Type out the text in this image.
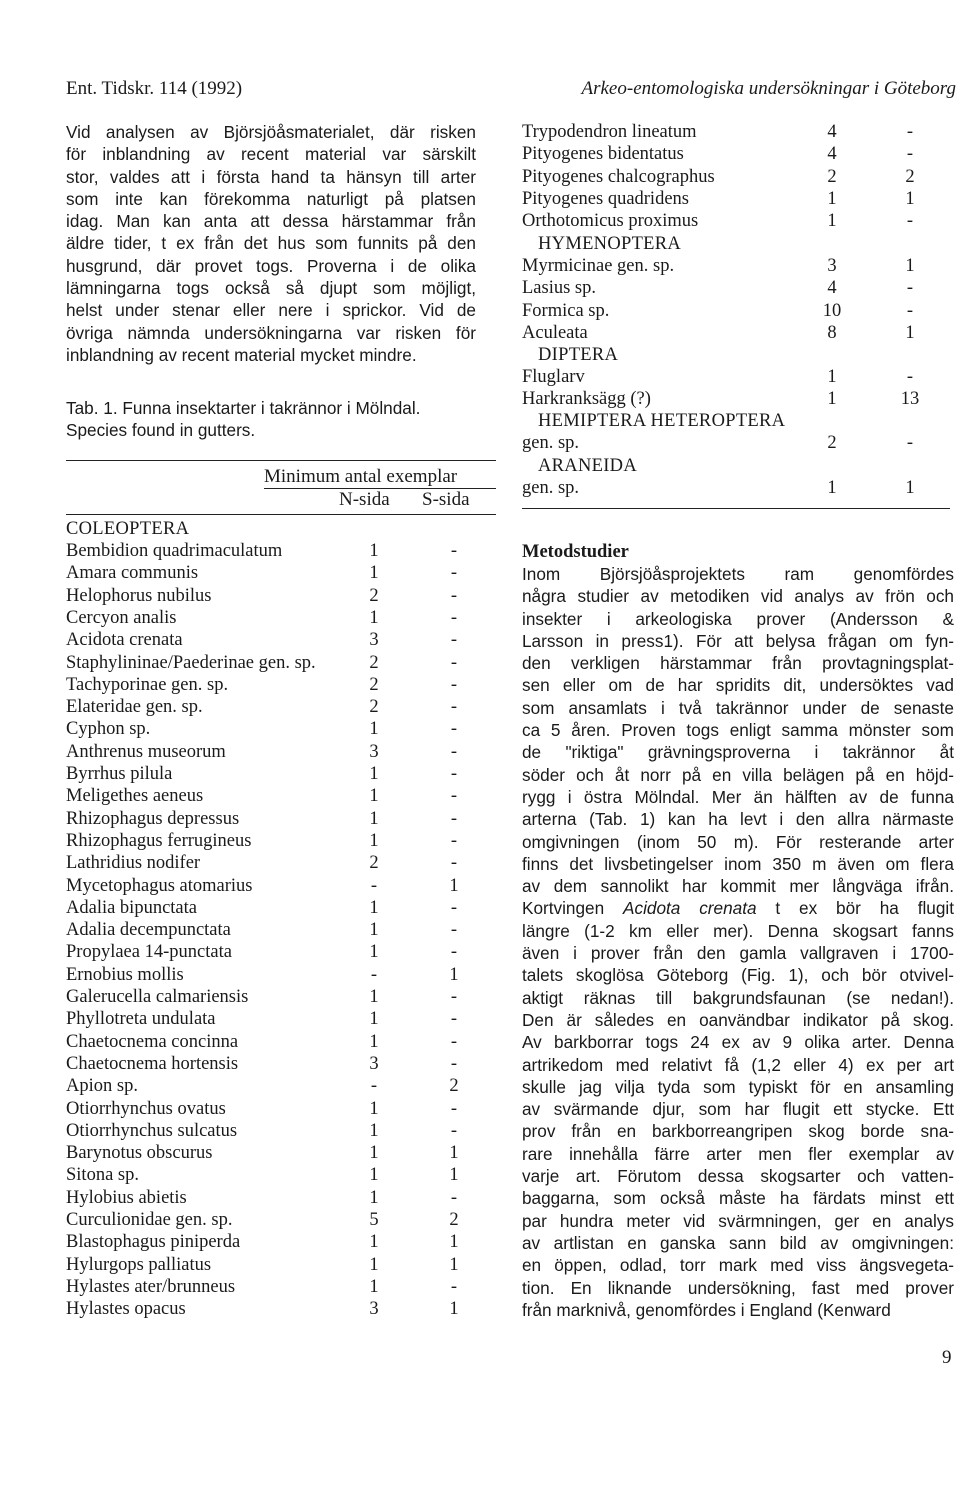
Ent. Tidskr. 114 (1992)	Arkeo-entomologiska undersökningar i Göteborg
Vid analysen av Björsjöåsmaterialet, där risken
för inblandning av recent material var särskilt
stor, valdes att i första hand ta hänsyn till arter
som inte kan förekomma naturligt på platsen
idag. Man kan anta att dessa härstammar från
äldre tider, t ex från det hus som funnits på den
husgrund, där provet togs. Proverna i de olika
lämningarna togs också så djupt som möjligt,
helst under stenar eller nere i sprickor. Vid de
övriga nämnda undersökningarna var risken för
inblandning av recent material mycket mindre.
Tab. 1. Funna insektarter i takrännor i Mölndal.
Species found in gutters.
Minimum antal exemplar
N-sida S-sida
COLEOPTERA
Bembidion quadrimaculatum	1	-
Amara communis	1	-
Helophorus nubilus	2	-
Cercyon analis	1	-
Acidota crenata	3	-
Staphylininae/Paederinae gen. sp.	2	-
Tachyporinae gen. sp.	2	-
Elateridae gen. sp.	2	-
Cyphon sp.	1	-
Anthrenus museorum	3	-
Byrrhus pilula	1	-
Meligethes aeneus	1	-
Rhizophagus depressus	1	-
Rhizophagus ferrugineus	1	-
Lathridius nodifer	2	-
Mycetophagus atomarius	-	1
Adalia bipunctata	1	-
Adalia decempunctata	1	-
Propylaea 14-punctata	1	-
Ernobius mollis	-	1
Galerucella calmariensis	1	-
Phyllotreta undulata	1	-
Chaetocnema concinna	1	-
Chaetocnema hortensis	3	-
Apion sp.	-	2
Otiorrhynchus ovatus	1	-
Otiorrhynchus sulcatus	1	-
Barynotus obscurus	1	1
Sitona sp.	1	1
Hylobius abietis	1	-
Curculionidae gen. sp.	5	2
Blastophagus piniperda	1	1
Hylurgops palliatus	1	1
Hylastes ater/brunneus	1	-
Hylastes opacus	3	1
Trypodendron lineatum	4	-
Pityogenes bidentatus	4	-
Pityogenes chalcographus	2	2
Pityogenes quadridens	1	1
Orthotomicus proximus	1	-
HYMENOPTERA
Myrmicinae gen. sp.	3	1
Lasius sp.	4	-
Formica sp.	10	-
Aculeata	8	1
DIPTERA
Fluglarv	1	-
Harkranksägg (?)	1	13
HEMIPTERA HETEROPTERA
gen. sp.	2	-
ARANEIDA
gen. sp.	1	1
Metodstudier
Inom Björsjöåsprojektets ram genomfördes
några studier av metodiken vid analys av frön och
insekter i arkeologiska prover (Andersson &
Larsson in press1). För att belysa frågan om fyn-
den verkligen härstammar från provtagningsplat-
sen eller om de har spridits dit, undersöktes vad
som ansamlats i två takrännor under de senaste
ca 5 åren. Proven togs enligt samma mönster som
de "riktiga" grävningsproverna i takrännor åt
söder och åt norr på en villa belägen på en höjd-
rygg i östra Mölndal. Mer än hälften av de funna
arterna (Tab. 1) kan ha levt i den allra närmaste
omgivningen (inom 50 m). För resterande arter
finns det livsbetingelser inom 350 m även om flera
av dem sannolikt har kommit mer långväga ifrån.
Kortvingen Acidota crenata t ex bör ha flugit
längre (1-2 km eller mer). Denna skogsart fanns
även i prover från den gamla vallgraven i 1700-
talets skoglösa Göteborg (Fig. 1), och bör otvivel-
aktigt räknas till bakgrundsfaunan (se nedan!).
Den är således en oanvändbar indikator på skog.
Av barkborrar togs 24 ex av 9 olika arter. Denna
artrikedom med relativt få (1,2 eller 4) ex per art
skulle jag vilja tyda som typiskt för en ansamling
av svärmande djur, som har flugit ett stycke. Ett
prov från en barkborreangripen skog borde sna-
rare innehålla färre arter men fler exemplar av
varje art. Förutom dessa skogsarter och vatten-
baggarna, som också måste ha färdats minst ett
par hundra meter vid svärmningen, ger en analys
av artlistan en ganska sann bild av omgivningen:
en öppen, odlad, torr mark med viss ängsvegeta-
tion. En liknande undersökning, fast med prover
från marknivå, genomfördes i England (Kenward
9
